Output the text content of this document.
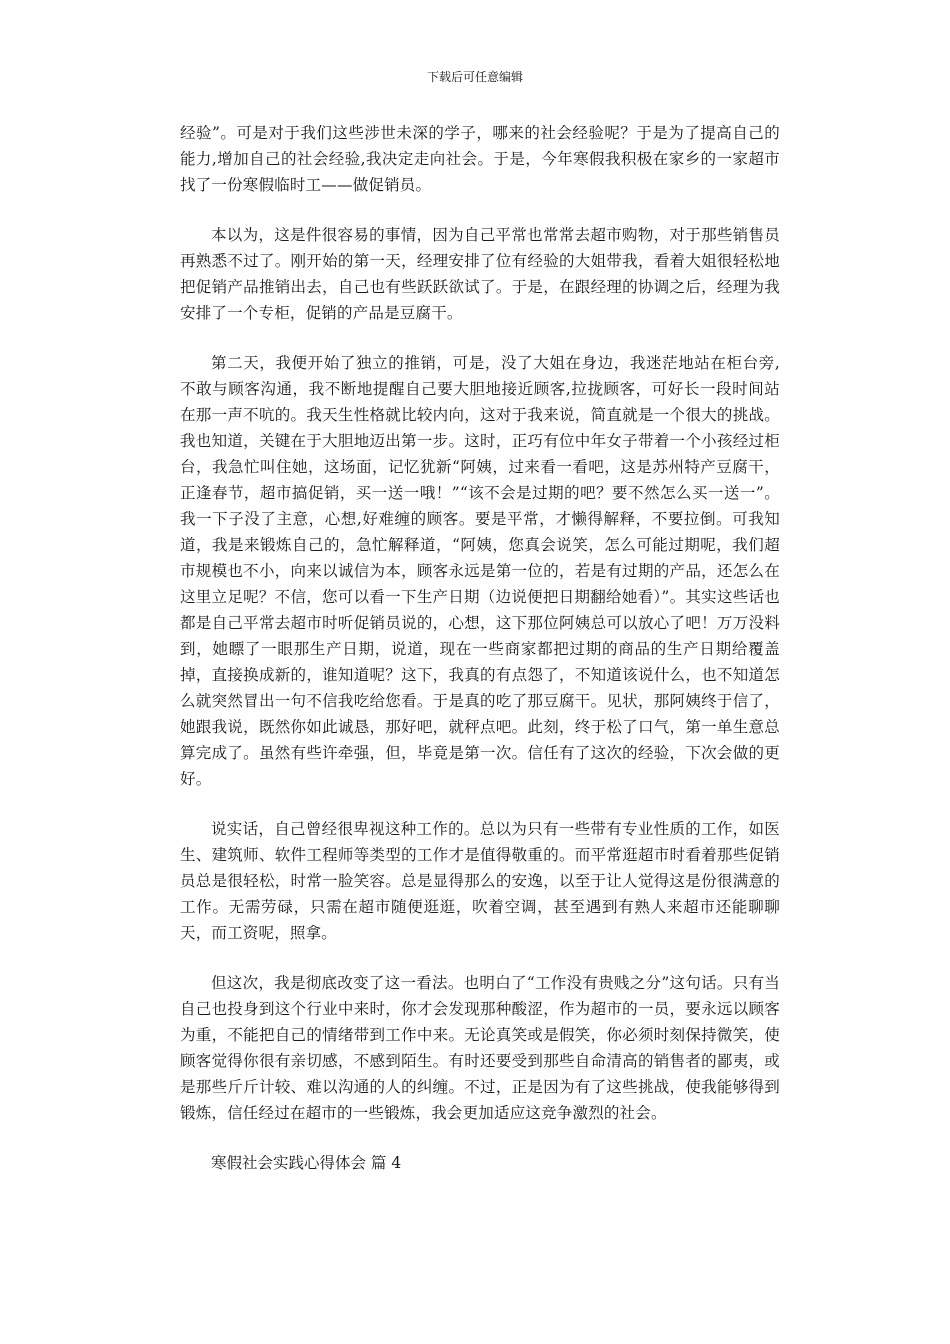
下载后可任意编辑

经验”。可是对于我们这些涉世未深的学子，哪来的社会经验呢？于是为了提高自己的能力,增加自己的社会经验,我决定走向社会。于是，今年寒假我积极在家乡的一家超市找了一份寒假临时工——做促销员。

本以为，这是件很容易的事情，因为自己平常也常常去超市购物，对于那些销售员再熟悉不过了。刚开始的第一天，经理安排了位有经验的大姐带我，看着大姐很轻松地把促销产品推销出去，自己也有些跃跃欲试了。于是，在跟经理的协调之后，经理为我安排了一个专柜，促销的产品是豆腐干。

第二天，我便开始了独立的推销，可是，没了大姐在身边，我迷茫地站在柜台旁,不敢与顾客沟通，我不断地提醒自己要大胆地接近顾客,拉拢顾客，可好长一段时间站在那一声不吭的。我天生性格就比较内向，这对于我来说，简直就是一个很大的挑战。我也知道，关键在于大胆地迈出第一步。这时，正巧有位中年女子带着一个小孩经过柜台，我急忙叫住她，这场面，记忆犹新“阿姨，过来看一看吧，这是苏州特产豆腐干，正逢春节，超市搞促销，买一送一哦！”“该不会是过期的吧？要不然怎么买一送一”。我一下子没了主意，心想,好难缠的顾客。要是平常，才懒得解释，不要拉倒。可我知道，我是来锻炼自己的，急忙解释道，“阿姨，您真会说笑，怎么可能过期呢，我们超市规模也不小，向来以诚信为本，顾客永远是第一位的，若是有过期的产品，还怎么在这里立足呢？不信，您可以看一下生产日期（边说便把日期翻给她看）”。其实这些话也都是自己平常去超市时听促销员说的，心想，这下那位阿姨总可以放心了吧！万万没料到，她瞟了一眼那生产日期，说道，现在一些商家都把过期的商品的生产日期给覆盖掉，直接换成新的，谁知道呢？这下，我真的有点怨了，不知道该说什么，也不知道怎么就突然冒出一句不信我吃给您看。于是真的吃了那豆腐干。见状，那阿姨终于信了，她跟我说，既然你如此诚恳，那好吧，就秤点吧。此刻，终于松了口气，第一单生意总算完成了。虽然有些许牵强，但，毕竟是第一次。信任有了这次的经验，下次会做的更好。

说实话，自己曾经很卑视这种工作的。总以为只有一些带有专业性质的工作，如医生、建筑师、软件工程师等类型的工作才是值得敬重的。而平常逛超市时看着那些促销员总是很轻松，时常一脸笑容。总是显得那么的安逸，以至于让人觉得这是份很满意的工作。无需劳碌，只需在超市随便逛逛，吹着空调，甚至遇到有熟人来超市还能聊聊天，而工资呢，照拿。

但这次，我是彻底改变了这一看法。也明白了“工作没有贵贱之分”这句话。只有当自己也投身到这个行业中来时，你才会发现那种酸涩，作为超市的一员，要永远以顾客为重，不能把自己的情绪带到工作中来。无论真笑或是假笑，你必须时刻保持微笑，使顾客觉得你很有亲切感，不感到陌生。有时还要受到那些自命清高的销售者的鄙夷，或是那些斤斤计较、难以沟通的人的纠缠。不过，正是因为有了这些挑战，使我能够得到锻炼，信任经过在超市的一些锻炼，我会更加适应这竞争激烈的社会。

寒假社会实践心得体会 篇 4
